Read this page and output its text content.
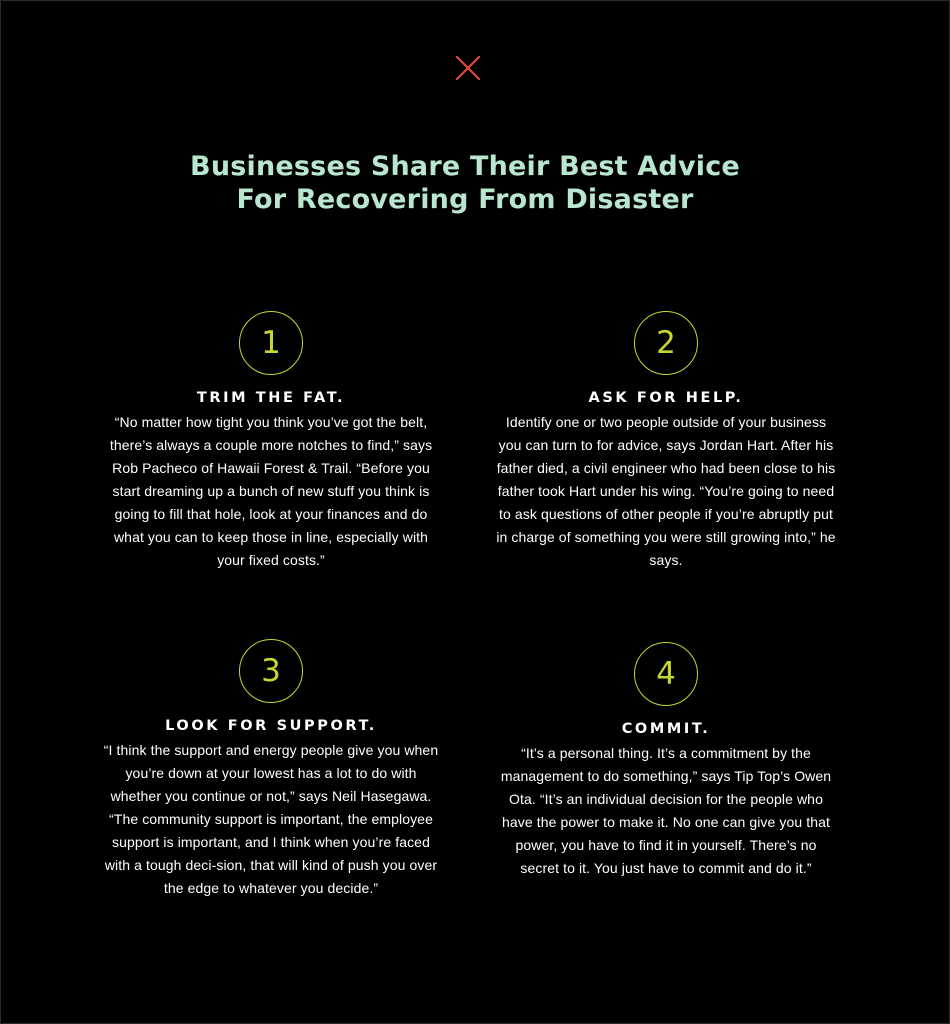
Businesses Share Their Best Advice
For Recovering From Disaster
1
TRIM THE FAT.
“No matter how tight you think you’ve got the belt, there’s always a couple more notches to find,” says Rob Pacheco of Hawaii Forest & Trail. “Before you start dreaming up a bunch of new stuff you think is going to fill that hole, look at your finances and do what you can to keep those in line, especially with your fixed costs.”
2
ASK FOR HELP.
Identify one or two people outside of your business you can turn to for advice, says Jordan Hart. After his father died, a civil engineer who had been close to his father took Hart under his wing. “You’re going to need to ask questions of other people if you’re abruptly put in charge of something you were still growing into,” he says.
3
LOOK FOR SUPPORT.
“I think the support and energy people give you when you’re down at your lowest has a lot to do with whether you continue or not,” says Neil Hasegawa. “The community support is important, the employee support is important, and I think when you’re faced with a tough deci-sion, that will kind of push you over the edge to whatever you decide.”
4
COMMIT.
“It’s a personal thing. It’s a commitment by the management to do something,” says Tip Top’s Owen Ota. “It’s an individual decision for the people who have the power to make it. No one can give you that power, you have to find it in yourself. There’s no secret to it. You just have to commit and do it.”
